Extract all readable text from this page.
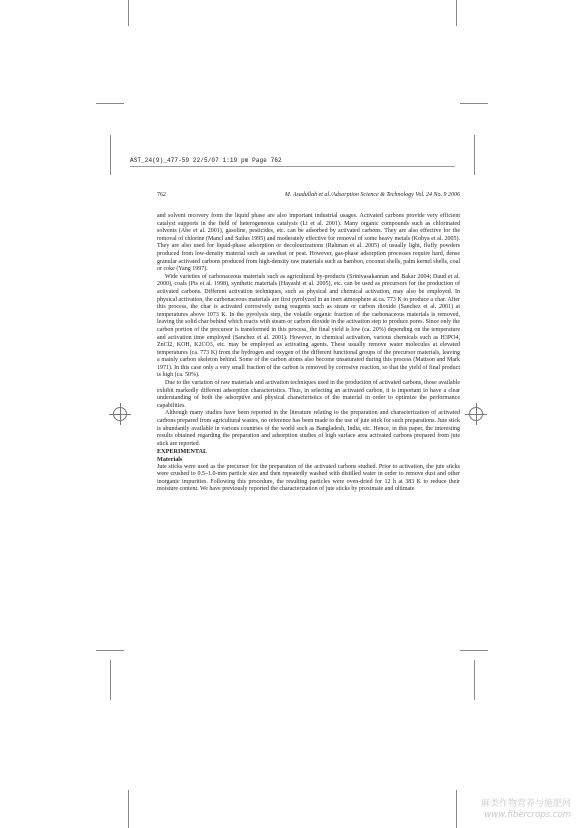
AST_24(9)_477-59 22/5/07 1:19 pm Page 762
762	M. Asadullah et al./Adsorption Science & Technology Vol. 24 No. 9 2006

and solvent recovery from the liquid phase are also important industrial usages. Activated carbons provide very efficient catalyst supports in the field of heterogeneous catalysis (Li et al. 2001). Many organic compounds such as chlorinated solvents (Abe et al. 2001), gasoline, pesticides, etc. can be adsorbed by activated carbons. They are also effective for the removal of chlorine (Mancl and Sailus 1995) and moderately effective for removal of some heavy metals (Kobya et al. 2005). They are also used for liquid-phase adsorption or decolourizations (Rahman et al. 2005) of usually light, fluffy powders produced from low-density material such as sawdust or peat. However, gas-phase adsorption processes require hard, dense granular activated carbons produced from high-density raw materials such as bamboo, coconut shells, palm kernel shells, coal or coke (Yang 1997).

Wide varieties of carbonaceous materials such as agricultural by-products (Srinivasakannan and Bakar 2004; Daud et al. 2000), coals (Pis et al. 1998), synthetic materials (Hayashi et al. 2005), etc. can be used as precursors for the production of activated carbons. Different activation techniques, such as physical and chemical activation, may also be employed. In physical activation, the carbonaceous materials are first pyrolyzed in an inert atmosphere at ca. 773 K to produce a char. After this process, the char is activated corrosively using reagents such as steam or carbon dioxide (Sanchez et al. 2001) at temperatures above 1073 K. In the pyrolysis step, the volatile organic fraction of the carbonaceous materials is removed, leaving the solid char behind which reacts with steam or carbon dioxide in the activation step to produce pores. Since only the carbon portion of the precursor is transformed in this process, the final yield is low (ca. 20%) depending on the temperature and activation time employed (Sanchez et al. 2001). However, in chemical activation, various chemicals such as H3PO4, ZnCl2, KOH, K2CO3, etc. may be employed as activating agents. These usually remove water molecules at elevated temperatures (ca. 773 K) from the hydrogen and oxygen of the different functional groups of the precursor materials, leaving a mainly carbon skeleton behind. Some of the carbon atoms also become unsaturated during this process (Mattson and Mark 1971). In this case only a very small fraction of the carbon is removed by corrosive reaction, so that the yield of final product is high (ca. 50%).

Due to the variation of raw materials and activation techniques used in the production of activated carbons, those available exhibit markedly different adsorption characteristics. Thus, in selecting an activated carbon, it is important to have a clear understanding of both the adsorptive and physical characteristics of the material in order to optimize the performance capabilities.

Although many studies have been reported in the literature relating to the preparation and characterization of activated carbons prepared from agricultural wastes, no reference has been made to the use of jute stick for such preparations. Jute stick is abundantly available in various countries of the world such as Bangladesh, India, etc. Hence, in this paper, the interesting results obtained regarding the preparation and adsorption studies of high surface area activated carbons prepared from jute stick are reported.

EXPERIMENTAL

Materials

Jute sticks were used as the precursor for the preparation of the activated carbons studied. Prior to activation, the jute sticks were crushed to 0.5–1.0-mm particle size and then repeatedly washed with distilled water in order to remove dust and other inorganic impurities. Following this procedure, the resulting particles were oven-dried for 12 h at 383 K to reduce their moisture content. We have previously reported the characterization of jute sticks by proximate and ultimate

麻类作物营养与施肥网
www.fibercrops.com
